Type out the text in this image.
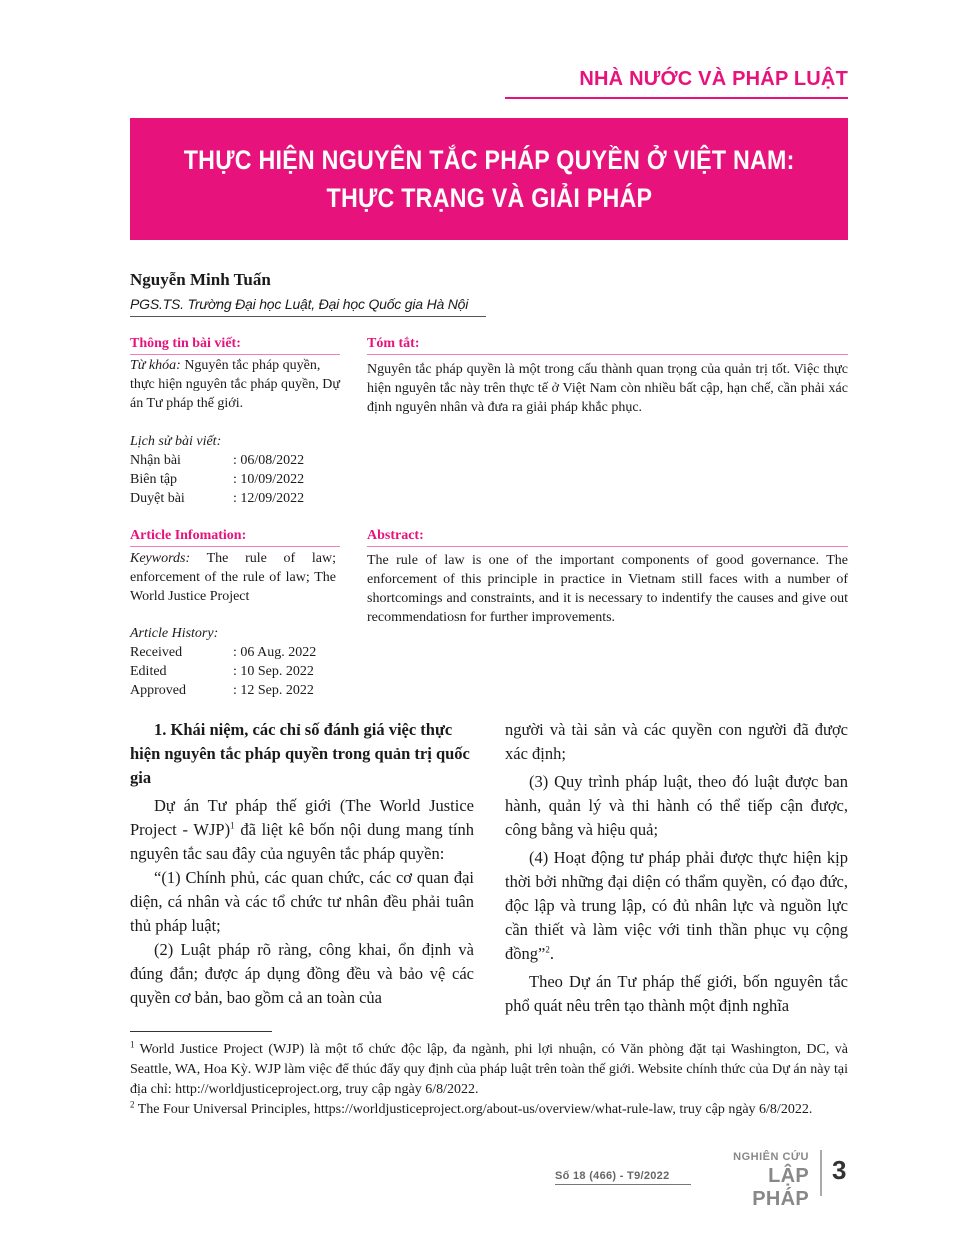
NHÀ NƯỚC VÀ PHÁP LUẬT
THỰC HIỆN NGUYÊN TẮC PHÁP QUYỀN Ở VIỆT NAM:
THỰC TRẠNG VÀ GIẢI PHÁP
Nguyễn Minh Tuấn
PGS.TS. Trường Đại học Luật, Đại học Quốc gia Hà Nội
Thông tin bài viết:
Từ khóa: Nguyên tắc pháp quyền, thực hiện nguyên tắc pháp quyền, Dự án Tư pháp thế giới.
Lịch sử bài viết:
Nhận bài	: 06/08/2022
Biên tập	: 10/09/2022
Duyệt bài	: 12/09/2022
Tóm tắt:
Nguyên tắc pháp quyền là một trong cấu thành quan trọng của quản trị tốt. Việc thực hiện nguyên tắc này trên thực tế ở Việt Nam còn nhiều bất cập, hạn chế, cần phải xác định nguyên nhân và đưa ra giải pháp khắc phục.
Article Infomation:
Keywords: The rule of law; enforcement of the rule of law; The World Justice Project
Article History:
Received	: 06 Aug. 2022
Edited	: 10 Sep. 2022
Approved	: 12 Sep. 2022
Abstract:
The rule of law is one of the important components of good governance. The enforcement of this principle in practice in Vietnam still faces with a number of shortcomings and constraints, and it is necessary to indentify the causes and give out recommendatiosn for further improvements.

1. Khái niệm, các chỉ số đánh giá việc thực hiện nguyên tắc pháp quyền trong quản trị quốc gia

Dự án Tư pháp thế giới (The World Justice Project - WJP)$^1$ đã liệt kê bốn nội dung mang tính nguyên tắc sau đây của nguyên tắc pháp quyền:

“(1) Chính phủ, các quan chức, các cơ quan đại diện, cá nhân và các tổ chức tư nhân đều phải tuân thủ pháp luật;

(2) Luật pháp rõ ràng, công khai, ổn định và đúng đắn; được áp dụng đồng đều và bảo vệ các quyền cơ bản, bao gồm cả an toàn của

người và tài sản và các quyền con người đã được xác định;

(3) Quy trình pháp luật, theo đó luật được ban hành, quản lý và thi hành có thể tiếp cận được, công bằng và hiệu quả;

(4) Hoạt động tư pháp phải được thực hiện kịp thời bởi những đại diện có thẩm quyền, có đạo đức, độc lập và trung lập, có đủ nhân lực và nguồn lực cần thiết và làm việc với tinh thần phục vụ cộng đồng”$^2$.

Theo Dự án Tư pháp thế giới, bốn nguyên tắc phổ quát nêu trên tạo thành một định nghĩa

$^1$ World Justice Project (WJP) là một tổ chức độc lập, đa ngành, phi lợi nhuận, có Văn phòng đặt tại Washington, DC, và Seattle, WA, Hoa Kỳ. WJP làm việc để thúc đẩy quy định của pháp luật trên toàn thế giới. Website chính thức của Dự án này tại địa chỉ: http://worldjusticeproject.org, truy cập ngày 6/8/2022.
$^2$ The Four Universal Principles, https://worldjusticeproject.org/about-us/overview/what-rule-law, truy cập ngày 6/8/2022.
Số 18 (466) - T9/2022
NGHIÊN CỨU
LẬP PHÁP
3
